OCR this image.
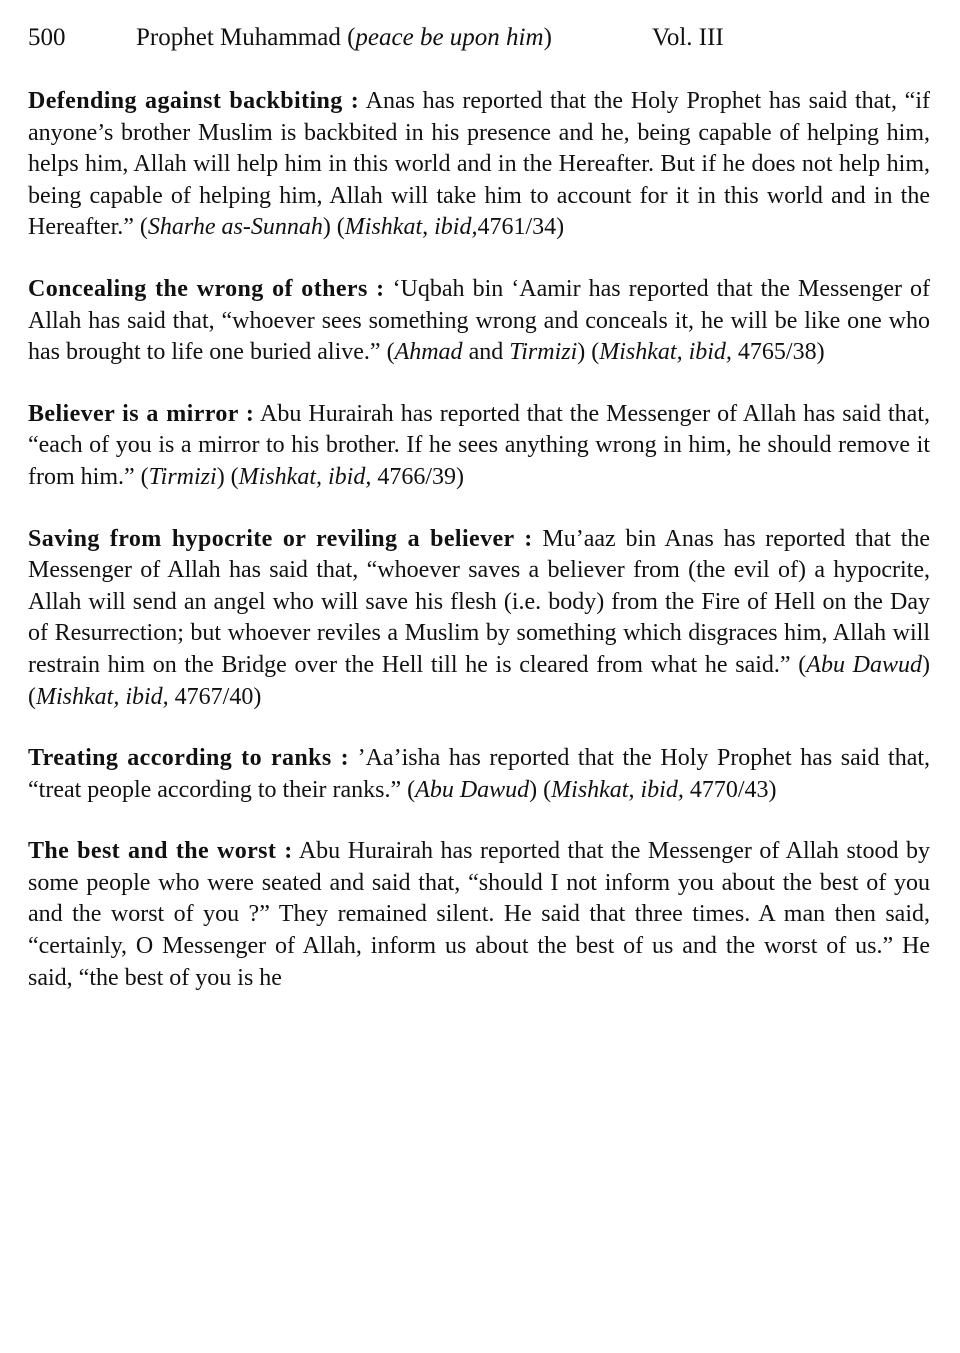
500	Prophet Muhammad (peace be upon him)	Vol. III

Defending against backbiting : Anas has reported that the Holy Prophet has said that, “if anyone’s brother Muslim is backbited in his presence and he, being capable of helping him, helps him, Allah will help him in this world and in the Hereafter. But if he does not help him, being capable of helping him, Allah will take him to account for it in this world and in the Hereafter.” (Sharhe as-Sunnah) (Mishkat, ibid,4761/34)

Concealing the wrong of others : ‘Uqbah bin ‘Aamir has reported that the Messenger of Allah has said that, “whoever sees something wrong and conceals it, he will be like one who has brought to life one buried alive.” (Ahmad and Tirmizi) (Mishkat, ibid, 4765/38)

Believer is a mirror : Abu Hurairah has reported that the Messenger of Allah has said that, “each of you is a mirror to his brother. If he sees anything wrong in him, he should remove it from him.” (Tirmizi) (Mishkat, ibid, 4766/39)

Saving from hypocrite or reviling a believer : Mu’aaz bin Anas has reported that the Messenger of Allah has said that, “whoever saves a believer from (the evil of) a hypocrite, Allah will send an angel who will save his flesh (i.e. body) from the Fire of Hell on the Day of Resurrection; but whoever reviles a Muslim by something which disgraces him, Allah will restrain him on the Bridge over the Hell till he is cleared from what he said.” (Abu Dawud) (Mishkat, ibid, 4767/40)

Treating according to ranks : ’Aa’isha has reported that the Holy Prophet has said that, “treat people according to their ranks.” (Abu Dawud) (Mishkat, ibid, 4770/43)

The best and the worst : Abu Hurairah has reported that the Messenger of Allah stood by some people who were seated and said that, “should I not inform you about the best of you and the worst of you ?” They remained silent. He said that three times. A man then said, “certainly, O Messenger of Allah, inform us about the best of us and the worst of us.” He said, “the best of you is he
